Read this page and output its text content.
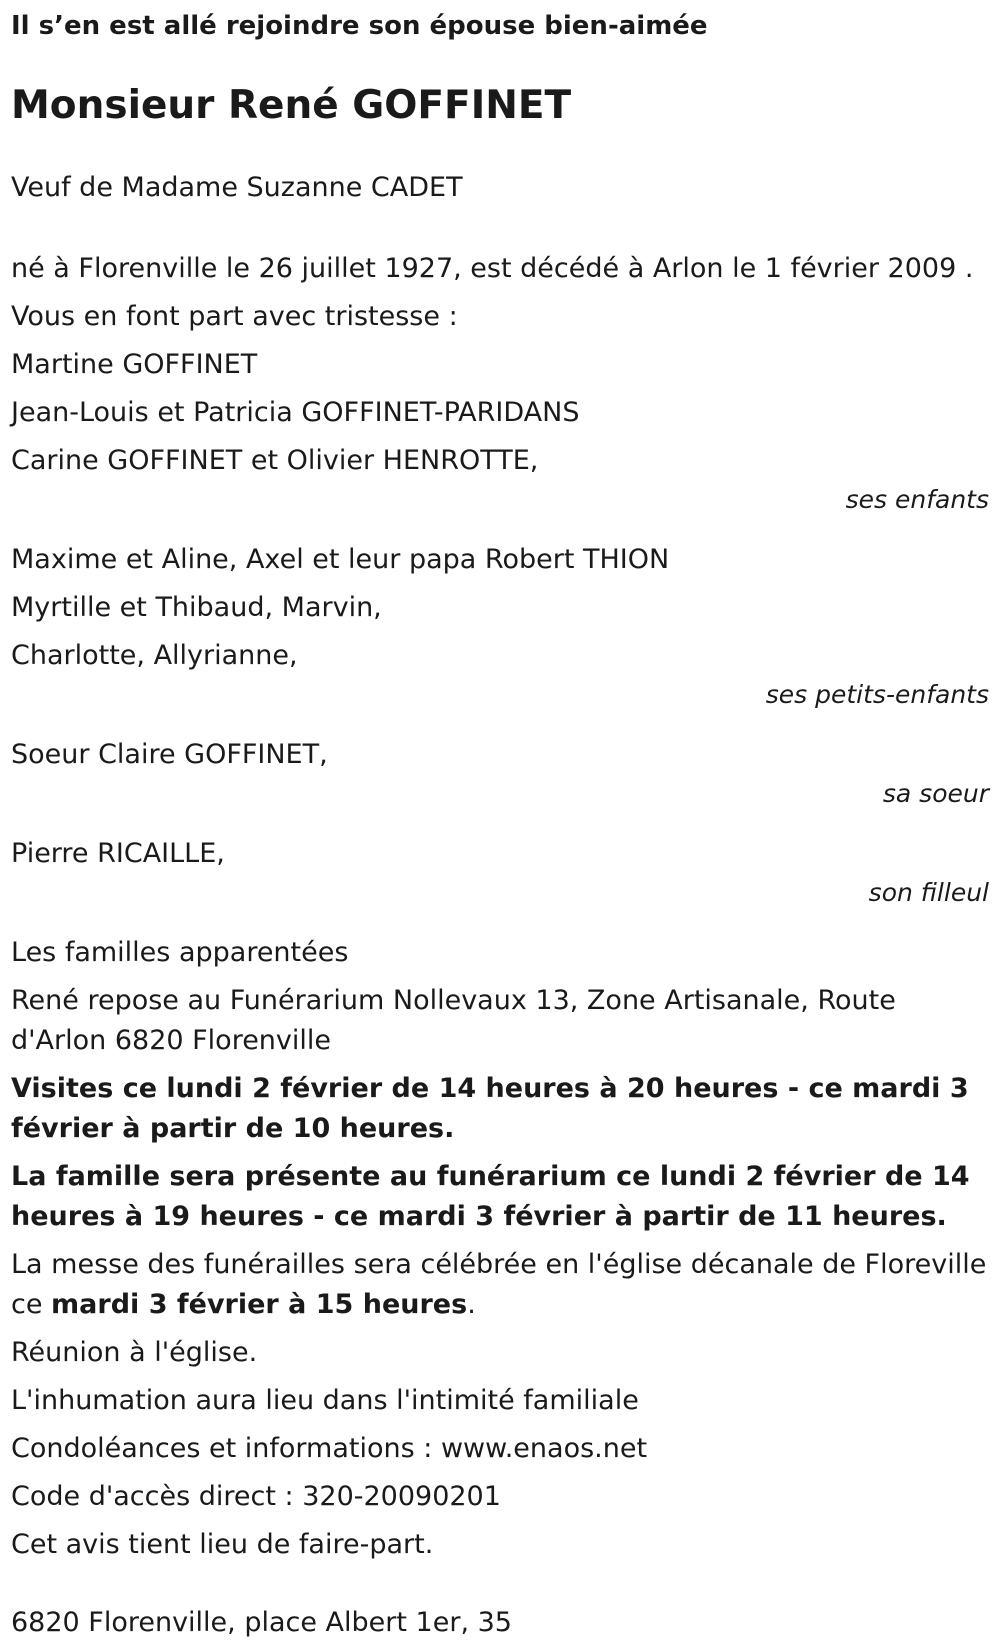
Il s’en est allé rejoindre son épouse bien-aimée

Monsieur René GOFFINET

Veuf de Madame Suzanne CADET

né à Florenville le 26 juillet 1927, est décédé à Arlon le 1 février 2009 .

Vous en font part avec tristesse :

Martine GOFFINET

Jean-Louis et Patricia GOFFINET-PARIDANS

Carine GOFFINET et Olivier HENROTTE,

ses enfants

Maxime et Aline, Axel et leur papa Robert THION

Myrtille et Thibaud, Marvin,

Charlotte, Allyrianne,

ses petits-enfants

Soeur Claire GOFFINET,

sa soeur

Pierre RICAILLE,

son filleul

Les familles apparentées

René repose au Funérarium Nollevaux 13, Zone Artisanale, Route d'Arlon 6820 Florenville

Visites ce lundi 2 février de 14 heures à 20 heures - ce mardi 3 février à partir de 10 heures.

La famille sera présente au funérarium ce lundi 2 février de 14 heures à 19 heures - ce mardi 3 février à partir de 11 heures.

La messe des funérailles sera célébrée en l'église décanale de Floreville ce mardi 3 février à 15 heures.

Réunion à l'église.

L'inhumation aura lieu dans l'intimité familiale

Condoléances et informations : www.enaos.net

Code d'accès direct : 320-20090201

Cet avis tient lieu de faire-part.

6820 Florenville, place Albert 1er, 35
